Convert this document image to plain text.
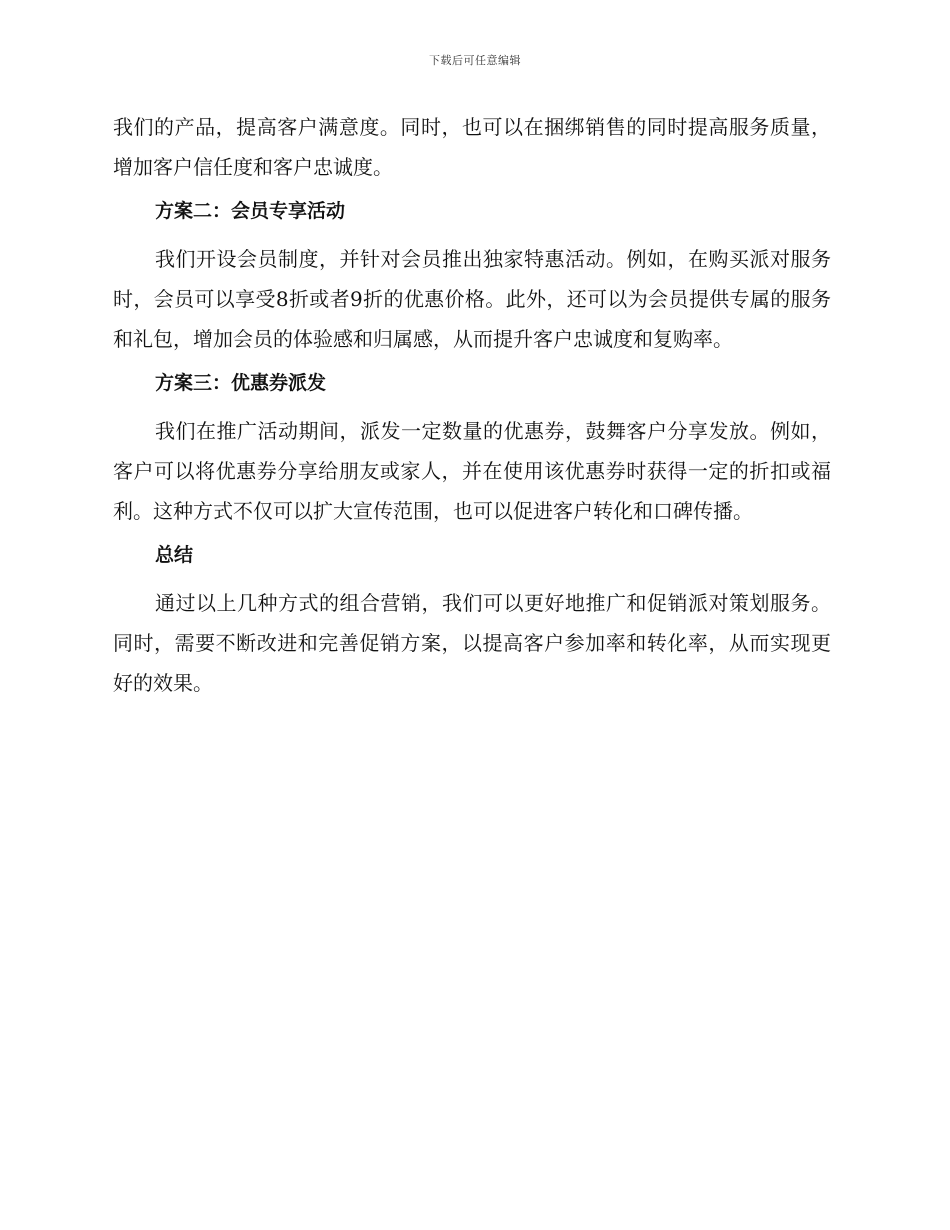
下载后可任意编辑

我们的产品，提高客户满意度。同时，也可以在捆绑销售的同时提高服务质量，增加客户信任度和客户忠诚度。

方案二：会员专享活动

我们开设会员制度，并针对会员推出独家特惠活动。例如，在购买派对服务时，会员可以享受8折或者9折的优惠价格。此外，还可以为会员提供专属的服务和礼包，增加会员的体验感和归属感，从而提升客户忠诚度和复购率。

方案三：优惠券派发

我们在推广活动期间，派发一定数量的优惠券，鼓舞客户分享发放。例如，客户可以将优惠券分享给朋友或家人，并在使用该优惠券时获得一定的折扣或福利。这种方式不仅可以扩大宣传范围，也可以促进客户转化和口碑传播。

总结

通过以上几种方式的组合营销，我们可以更好地推广和促销派对策划服务。同时，需要不断改进和完善促销方案，以提高客户参加率和转化率，从而实现更好的效果。
